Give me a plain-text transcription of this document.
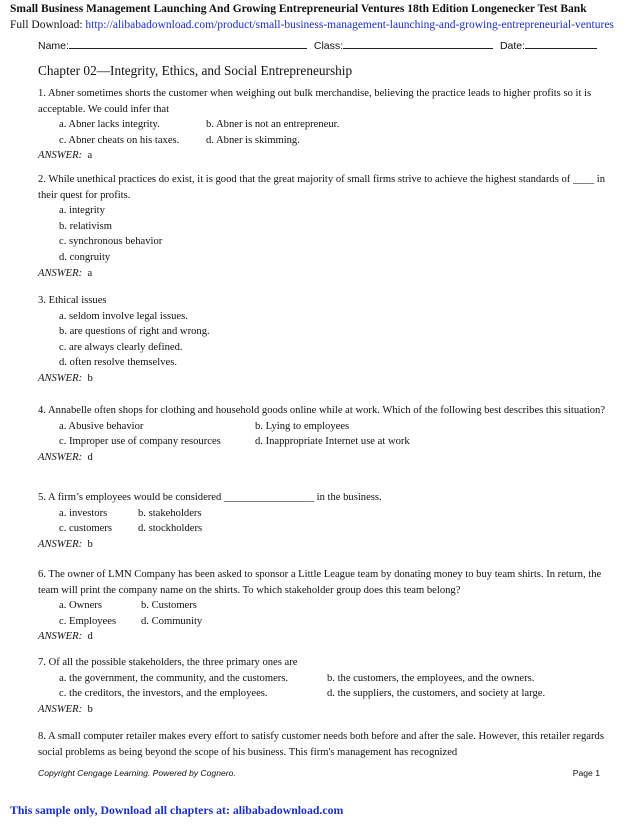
Small Business Management Launching And Growing Entrepreneurial Ventures 18th Edition Longenecker Test Bank
Full Download: http://alibabadownload.com/product/small-business-management-launching-and-growing-entrepreneurial-ventures
Name:	Class:	Date:
Chapter 02—Integrity, Ethics, and Social Entrepreneurship

1. Abner sometimes shorts the customer when weighing out bulk merchandise, believing the practice leads to higher profits so it is acceptable. We could infer that

a. Abner lacks integrity.	b. Abner is not an entrepreneur.
c. Abner cheats on his taxes.	d. Abner is skimming.

ANSWER: a

2. While unethical practices do exist, it is good that the great majority of small firms strive to achieve the highest standards of ____ in their quest for profits.

a. integrity
b. relativism
c. synchronous behavior
d. congruity

ANSWER: a

3. Ethical issues

a. seldom involve legal issues.
b. are questions of right and wrong.
c. are always clearly defined.
d. often resolve themselves.

ANSWER: b

4. Annabelle often shops for clothing and household goods online while at work. Which of the following best describes this situation?

a. Abusive behavior	b. Lying to employees
c. Improper use of company resources	d. Inappropriate Internet use at work

ANSWER: d

5. A firm’s employees would be considered _________________ in the business.

a. investors	b. stakeholders
c. customers	d. stockholders

ANSWER: b

6. The owner of LMN Company has been asked to sponsor a Little League team by donating money to buy team shirts. In return, the team will print the company name on the shirts. To which stakeholder group does this team belong?

a. Owners	b. Customers
c. Employees	d. Community

ANSWER: d

7. Of all the possible stakeholders, the three primary ones are

a. the government, the community, and the customers.	b. the customers, the employees, and the owners.
c. the creditors, the investors, and the employees.	d. the suppliers, the customers, and society at large.

ANSWER: b

8. A small computer retailer makes every effort to satisfy customer needs both before and after the sale. However, this retailer regards social problems as being beyond the scope of his business. This firm's management has recognized

Copyright Cengage Learning. Powered by Cognero.	Page 1
This sample only, Download all chapters at: alibabadownload.com
